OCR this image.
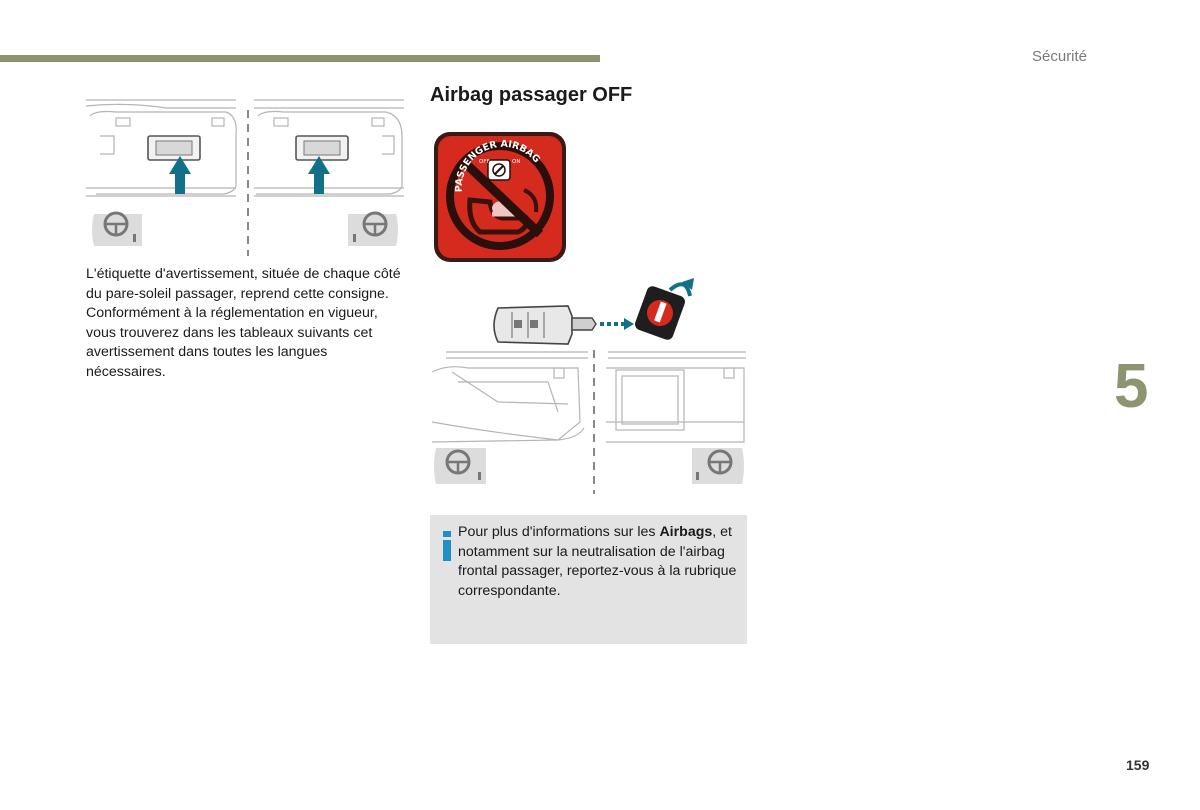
Sécurité
5
159

L'étiquette d'avertissement, située de chaque côté du pare-soleil passager, reprend cette consigne.

Conformément à la réglementation en vigueur, vous trouverez dans les tableaux suivants cet avertissement dans toutes les langues nécessaires.

Airbag passager OFF
PASSENGER AIRBAG
OFF	ON
Pour plus d'informations sur les Airbags, et notamment sur la neutralisation de l'airbag frontal passager, reportez-vous à la rubrique correspondante.
